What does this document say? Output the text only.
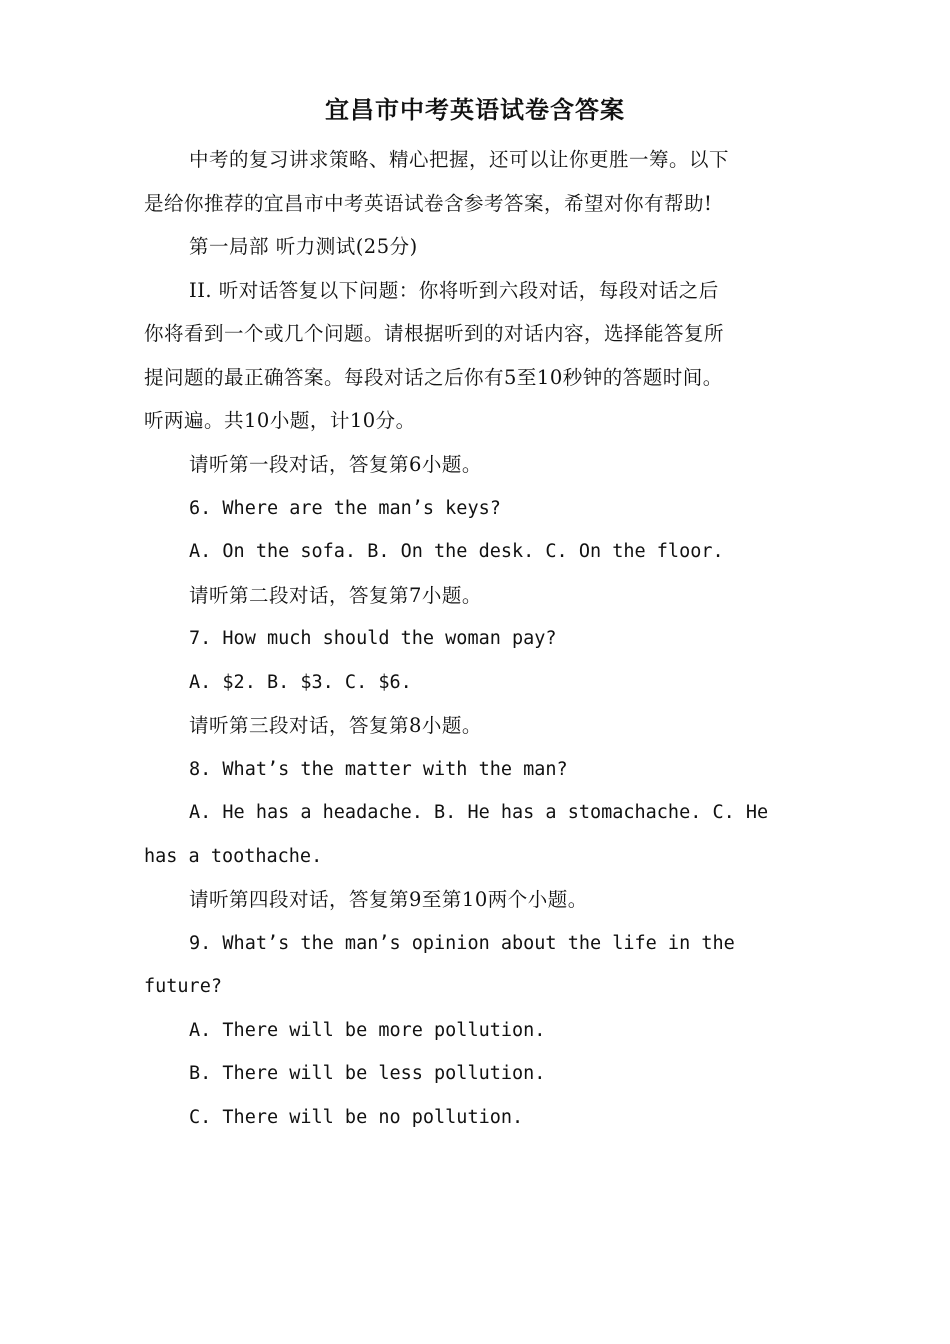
宜昌市中考英语试卷含答案
中考的复习讲求策略、精心把握，还可以让你更胜一筹。以下
是给你推荐的宜昌市中考英语试卷含参考答案，希望对你有帮助!
第一局部 听力测试(25分)
II. 听对话答复以下问题：你将听到六段对话，每段对话之后
你将看到一个或几个问题。请根据听到的对话内容，选择能答复所
提问题的最正确答案。每段对话之后你有5至10秒钟的答题时间。
听两遍。共10小题，计10分。
请听第一段对话，答复第6小题。
6. Where are the man’s keys?
A. On the sofa. B. On the desk. C. On the floor.
请听第二段对话，答复第7小题。
7. How much should the woman pay?
A. $2. B. $3. C. $6.
请听第三段对话，答复第8小题。
8. What’s the matter with the man?
A. He has a headache. B. He has a stomachache. C. He
has a toothache.
请听第四段对话，答复第9至第10两个小题。
9. What’s the man’s opinion about the life in the
future?
A. There will be more pollution.
B. There will be less pollution.
C. There will be no pollution.
